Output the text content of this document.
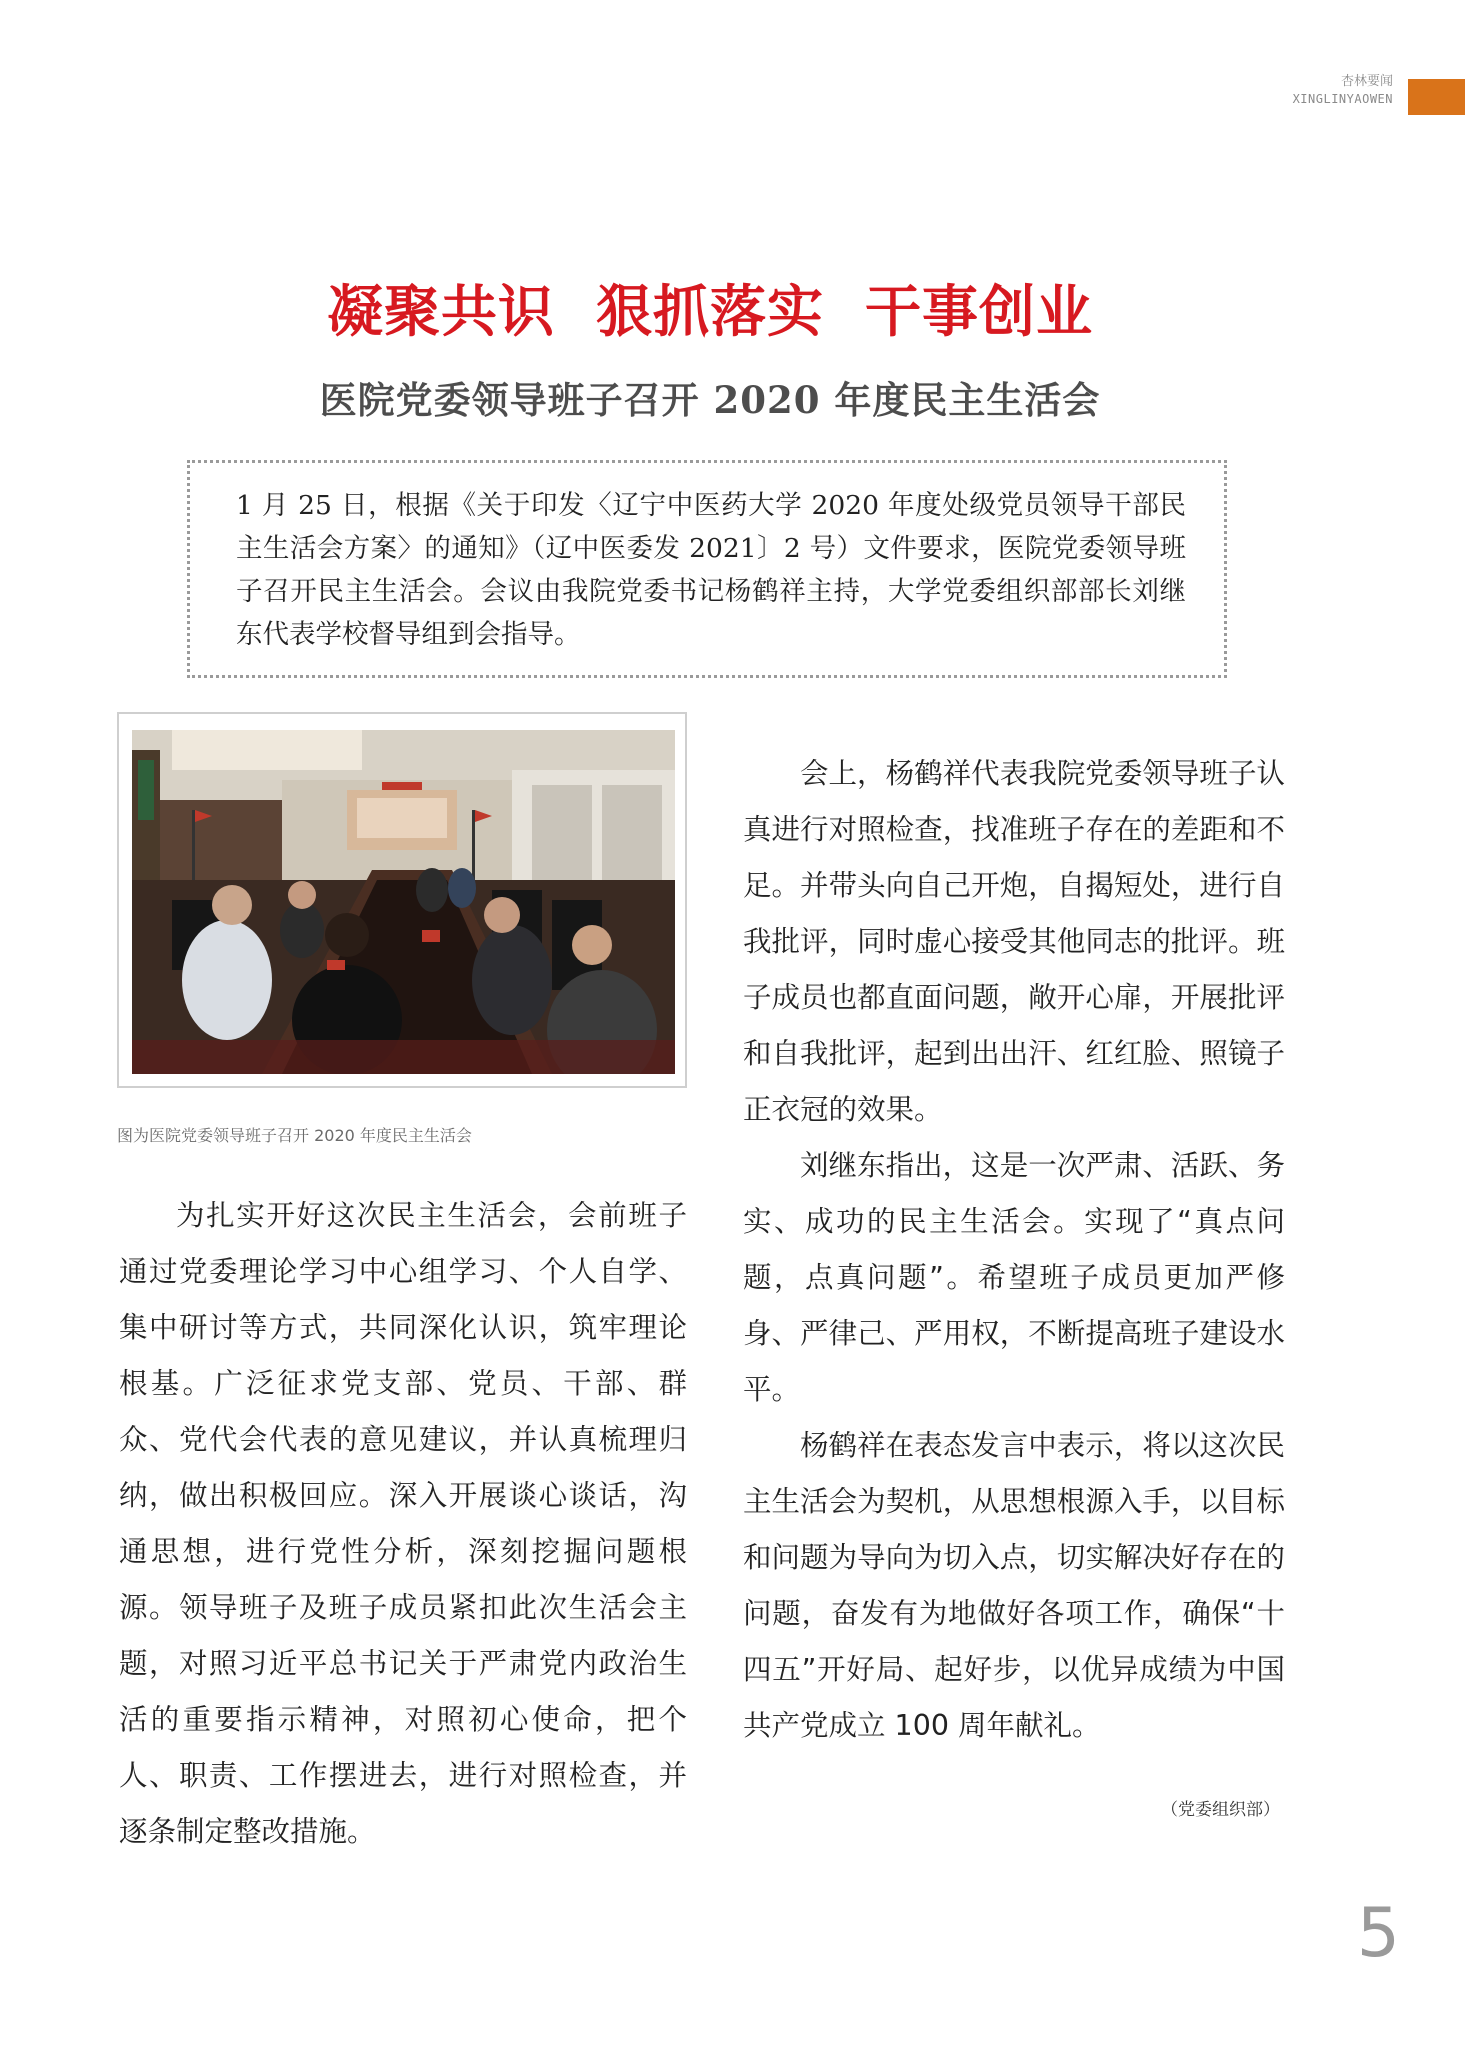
杏林要闻
XINGLINYAOWEN
凝聚共识  狠抓落实  干事创业
医院党委领导班子召开 2020 年度民主生活会
1 月 25 日，根据《关于印发〈辽宁中医药大学 2020 年度处级党员领导干部民主生活会方案〉的通知》（辽中医委发 2021〕2 号）文件要求，医院党委领导班子召开民主生活会。会议由我院党委书记杨鹤祥主持，大学党委组织部部长刘继东代表学校督导组到会指导。
图为医院党委领导班子召开 2020 年度民主生活会

为扎实开好这次民主生活会，会前班子通过党委理论学习中心组学习、个人自学、集中研讨等方式，共同深化认识，筑牢理论根基。广泛征求党支部、党员、干部、群众、党代会代表的意见建议，并认真梳理归纳，做出积极回应。深入开展谈心谈话，沟通思想，进行党性分析，深刻挖掘问题根源。领导班子及班子成员紧扣此次生活会主题，对照习近平总书记关于严肃党内政治生活的重要指示精神，对照初心使命，把个人、职责、工作摆进去，进行对照检查，并逐条制定整改措施。

会上，杨鹤祥代表我院党委领导班子认真进行对照检查，找准班子存在的差距和不足。并带头向自己开炮，自揭短处，进行自我批评，同时虚心接受其他同志的批评。班子成员也都直面问题，敞开心扉，开展批评和自我批评，起到出出汗、红红脸、照镜子正衣冠的效果。

刘继东指出，这是一次严肃、活跃、务实、成功的民主生活会。实现了“真点问题，点真问题”。希望班子成员更加严修身、严律己、严用权，不断提高班子建设水平。

杨鹤祥在表态发言中表示，将以这次民主生活会为契机，从思想根源入手，以目标和问题为导向为切入点，切实解决好存在的问题，奋发有为地做好各项工作，确保“十四五”开好局、起好步，以优异成绩为中国共产党成立 100 周年献礼。

（党委组织部）
5
